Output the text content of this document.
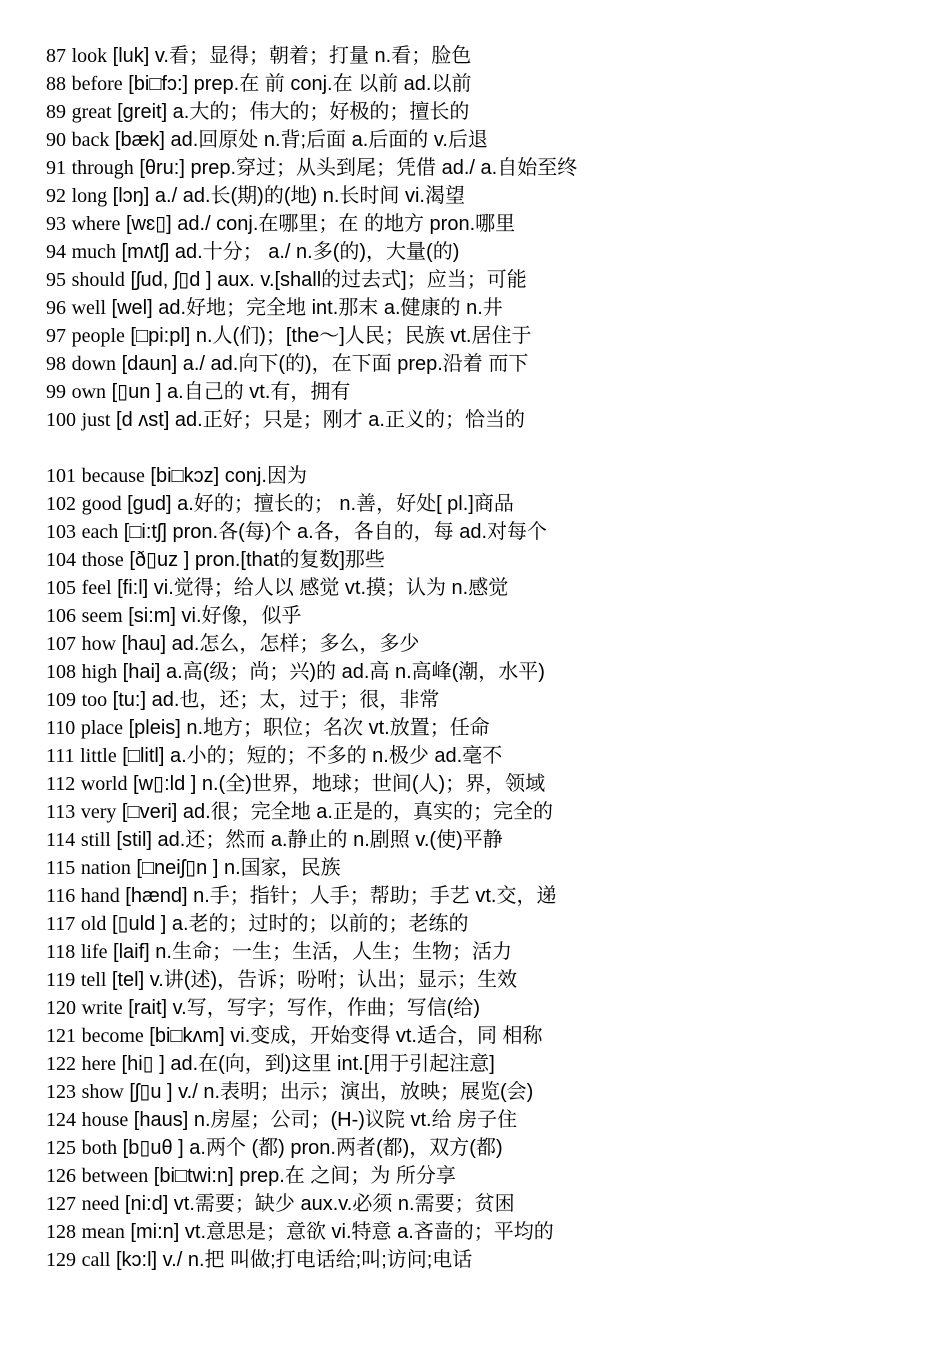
87 look [luk] v.看；显得；朝着；打量 n.看；脸色
88 before [bi□fɔ:] prep.在 前 conj.在 以前 ad.以前
89 great [greit] a.大的；伟大的；好极的；擅长的
90 back [bæk] ad.回原处 n.背;后面 a.后面的 v.后退
91 through [θru:] prep.穿过；从头到尾；凭借 ad./ a.自始至终
92 long [lɔŋ] a./ ad.长(期)的(地) n.长时间 vi.渴望
93 where [wɛ▯] ad./ conj.在哪里；在 的地方 pron.哪里
94 much [mʌtʃ] ad.十分； a./ n.多(的)，大量(的)
95 should [ʃud, ʃ▯d ] aux. v.[shall的过去式]；应当；可能
96 well [wel] ad.好地；完全地 int.那末 a.健康的 n.井
97 people [□pi:pl] n.人(们)；[the～]人民；民族 vt.居住于
98 down [daun] a./ ad.向下(的)，在下面 prep.沿着 而下
99 own [▯un ] a.自己的 vt.有，拥有
100 just [d ʌst] ad.正好；只是；刚才 a.正义的；恰当的
101 because [bi□kɔz] conj.因为
102 good [gud] a.好的；擅长的； n.善，好处[ pl.]商品
103 each [□i:tʃ] pron.各(每)个 a.各，各自的，每 ad.对每个
104 those [ð▯uz ] pron.[that的复数]那些
105 feel [fi:l] vi.觉得；给人以 感觉 vt.摸；认为 n.感觉
106 seem [si:m] vi.好像，似乎
107 how [hau] ad.怎么，怎样；多么，多少
108 high [hai] a.高(级；尚；兴)的 ad.高 n.高峰(潮，水平)
109 too [tu:] ad.也，还；太，过于；很，非常
110 place [pleis] n.地方；职位；名次 vt.放置；任命
111 little [□litl] a.小的；短的；不多的 n.极少 ad.毫不
112 world [w▯:ld ] n.(全)世界，地球；世间(人)；界，领域
113 very [□veri] ad.很；完全地 a.正是的，真实的；完全的
114 still [stil] ad.还；然而 a.静止的 n.剧照 v.(使)平静
115 nation [□neiʃ▯n ] n.国家，民族
116 hand [hænd] n.手；指针；人手；帮助；手艺 vt.交，递
117 old [▯uld ] a.老的；过时的；以前的；老练的
118 life [laif] n.生命；一生；生活，人生；生物；活力
119 tell [tel] v.讲(述)，告诉；吩咐；认出；显示；生效
120 write [rait] v.写，写字；写作，作曲；写信(给)
121 become [bi□kʌm] vi.变成，开始变得 vt.适合，同 相称
122 here [hi▯ ] ad.在(向，到)这里 int.[用于引起注意]
123 show [ʃ▯u ] v./ n.表明；出示；演出，放映；展览(会)
124 house [haus] n.房屋；公司；(H-)议院 vt.给 房子住
125 both [b▯uθ ] a.两个 (都) pron.两者(都)，双方(都)
126 between [bi□twi:n] prep.在 之间；为 所分享
127 need [ni:d] vt.需要；缺少 aux.v.必须 n.需要；贫困
128 mean [mi:n] vt.意思是；意欲 vi.特意 a.吝啬的；平均的
129 call [kɔ:l] v./ n.把 叫做;打电话给;叫;访问;电话
